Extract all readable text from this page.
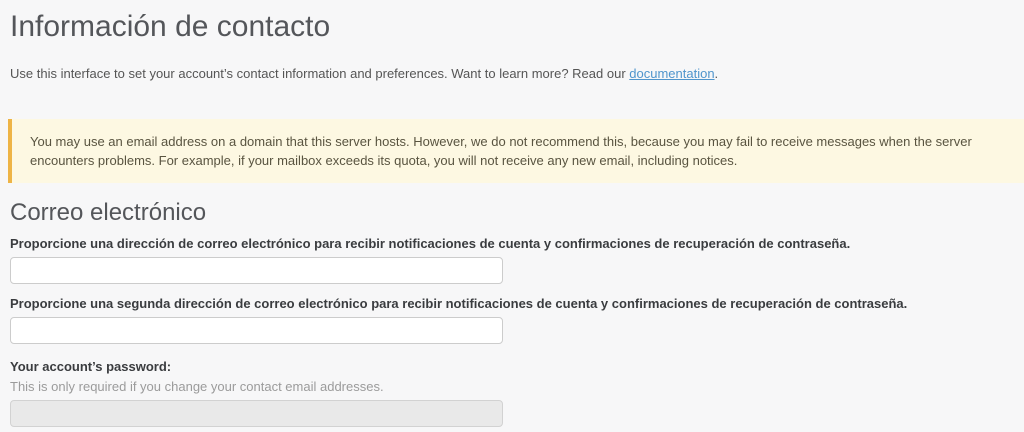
Información de contacto

Use this interface to set your account’s contact information and preferences. Want to learn more? Read our documentation.

You may use an email address on a domain that this server hosts. However, we do not recommend this, because you may fail to receive messages when the server encounters problems. For example, if your mailbox exceeds its quota, you will not receive any new email, including notices.
Correo electrónico
Proporcione una dirección de correo electrónico para recibir notificaciones de cuenta y confirmaciones de recuperación de contraseña.
Proporcione una segunda dirección de correo electrónico para recibir notificaciones de cuenta y confirmaciones de recuperación de contraseña.
Your account’s password:
This is only required if you change your contact email addresses.
